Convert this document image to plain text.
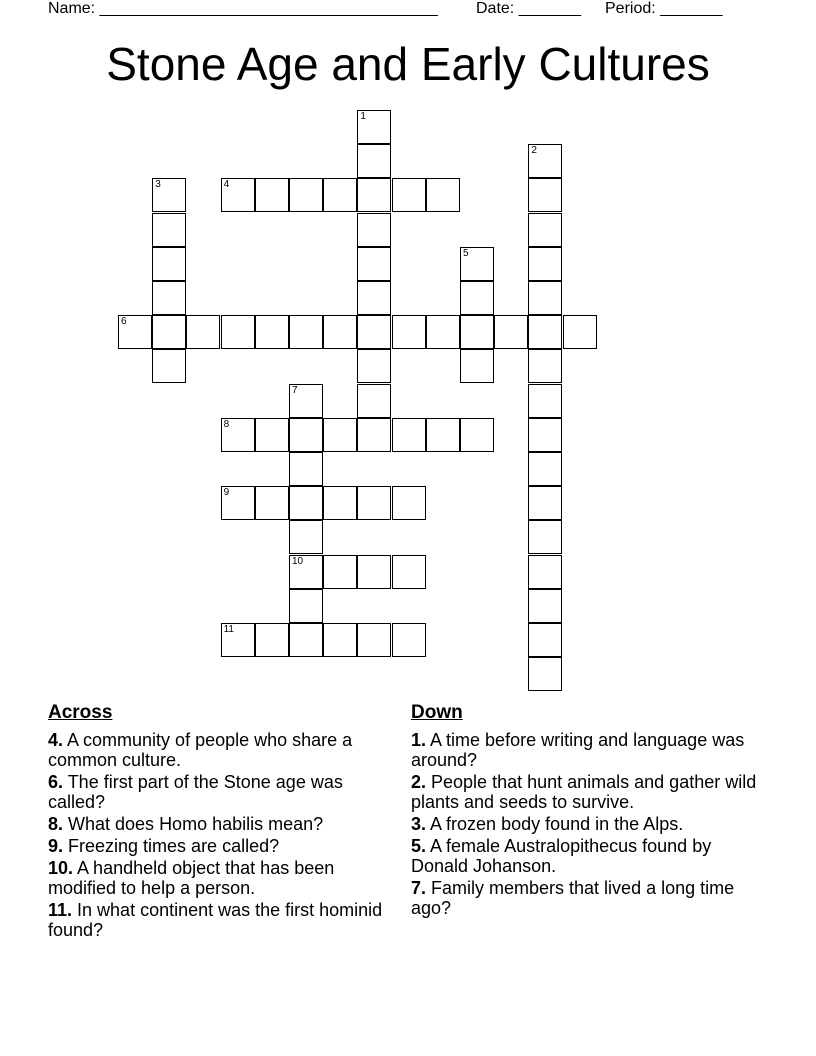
Name: ______________________________________ Date: _______ Period: _______
Stone Age and Early Cultures
1
2
3	4
5
6
7
10
8
9
11
Across
4. A community of people who share a common culture.
6. The first part of the Stone age was called?
8. What does Homo habilis mean?
9. Freezing times are called?
10. A handheld object that has been modified to help a person.
11. In what continent was the first hominid found?
Down
1. A time before writing and language was around?
2. People that hunt animals and gather wild plants and seeds to survive.
3. A frozen body found in the Alps.
5. A female Australopithecus found by Donald Johanson.
7. Family members that lived a long time ago?
